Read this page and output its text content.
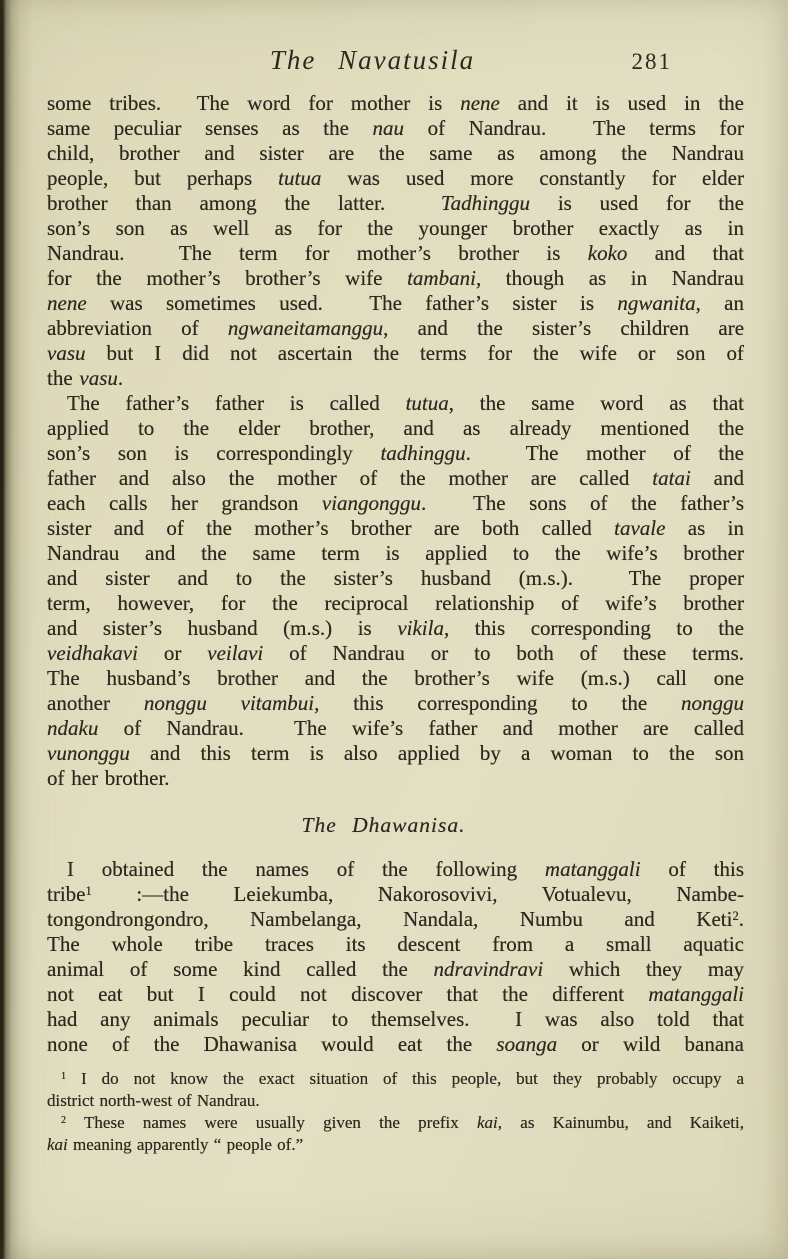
The Navatusila	281
some tribes.  The word for mother is nene and it is used in the
same peculiar senses as the nau of Nandrau.  The terms for
child, brother and sister are the same as among the Nandrau
people, but perhaps tutua was used more constantly for elder
brother than among the latter.  Tadhinggu is used for the
son’s son as well as for the younger brother exactly as in
Nandrau.  The term for mother’s brother is koko and that
for the mother’s brother’s wife tambani, though as in Nandrau
nene was sometimes used.  The father’s sister is ngwanita, an
abbreviation of ngwaneitamanggu, and the sister’s children are
vasu but I did not ascertain the terms for the wife or son of
the vasu.
The father’s father is called tutua, the same word as that
applied to the elder brother, and as already mentioned the
son’s son is correspondingly tadhinggu.  The mother of the
father and also the mother of the mother are called tatai and
each calls her grandson viangonggu.  The sons of the father’s
sister and of the mother’s brother are both called tavale as in
Nandrau and the same term is applied to the wife’s brother
and sister and to the sister’s husband (m.s.).  The proper
term, however, for the reciprocal relationship of wife’s brother
and sister’s husband (m.s.) is vikila, this corresponding to the
veidhakavi or veilavi of Nandrau or to both of these terms.
The husband’s brother and the brother’s wife (m.s.) call one
another nonggu vitambui, this corresponding to the nonggu
ndaku of Nandrau.  The wife’s father and mother are called
vunonggu and this term is also applied by a woman to the son
of her brother.
The Dhawanisa.
I obtained the names of the following matanggali of this
tribe$^1$ :—the Leiekumba, Nakorosovivi, Votualevu, Nambe-
tongondrongondro, Nambelanga, Nandala, Numbu and Keti$^2$.
The whole tribe traces its descent from a small aquatic
animal of some kind called the ndravindravi which they may
not eat but I could not discover that the different matanggali
had any animals peculiar to themselves.  I was also told that
none of the Dhawanisa would eat the soanga or wild banana
$^1$ I do not know the exact situation of this people, but they probably occupy a
district north-west of Nandrau.
$^2$ These names were usually given the prefix kai, as Kainumbu, and Kaiketi,
kai meaning apparently “ people of.”
